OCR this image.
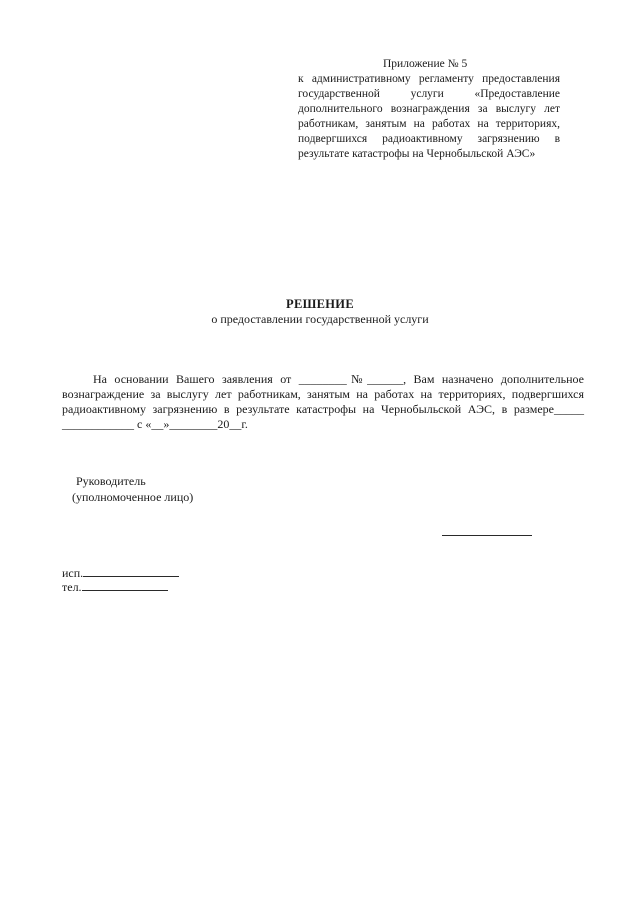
Приложение № 5
к административному регламенту предоставления государственной услуги «Предоставление дополнительного вознаграждения за выслугу лет работникам, занятым на работах на территориях, подвергшихся радиоактивному загрязнению в результате катастрофы на Чернобыльской АЭС»
РЕШЕНИЕ
о предоставлении государственной услуги
На основании Вашего заявления от ________№______, Вам назначено дополнительное вознаграждение за выслугу лет работникам, занятым на работах на территориях, подвергшихся радиоактивному загрязнению в результате катастрофы на Чернобыльской АЭС, в размере_____ ____________ с «__»________20__г.
Руководитель
(уполномоченное лицо)
исп.
тел.
